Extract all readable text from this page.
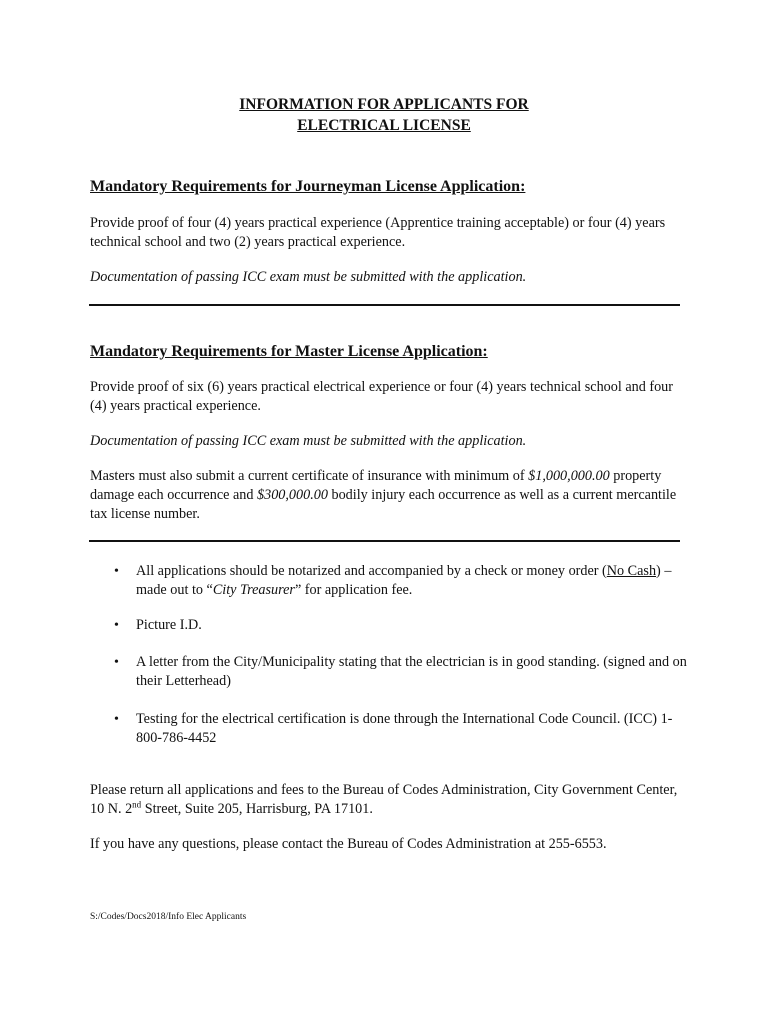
INFORMATION FOR APPLICANTS FOR
ELECTRICAL LICENSE
Mandatory Requirements for Journeyman License Application:
Provide proof of four (4) years practical experience (Apprentice training acceptable) or four (4) years technical school and two (2) years practical experience.
Documentation of passing ICC exam must be submitted with the application.
Mandatory Requirements for Master License Application:
Provide proof of six (6) years practical electrical experience or four (4) years technical school and four (4) years practical experience.
Documentation of passing ICC exam must be submitted with the application.
Masters must also submit a current certificate of insurance with minimum of $1,000,000.00 property damage each occurrence and $300,000.00 bodily injury each occurrence as well as a current mercantile tax license number.
•	All applications should be notarized and accompanied by a check or money order (No Cash) – made out to “City Treasurer” for application fee.
•	Picture I.D.
•	A letter from the City/Municipality stating that the electrician is in good standing. (signed and on their Letterhead)
•	Testing for the electrical certification is done through the International Code Council. (ICC) 1-800-786-4452
Please return all applications and fees to the Bureau of Codes Administration, City Government Center, 10 N. 2nd Street, Suite 205, Harrisburg, PA 17101.
If you have any questions, please contact the Bureau of Codes Administration at 255-6553.
S:/Codes/Docs2018/Info Elec Applicants
